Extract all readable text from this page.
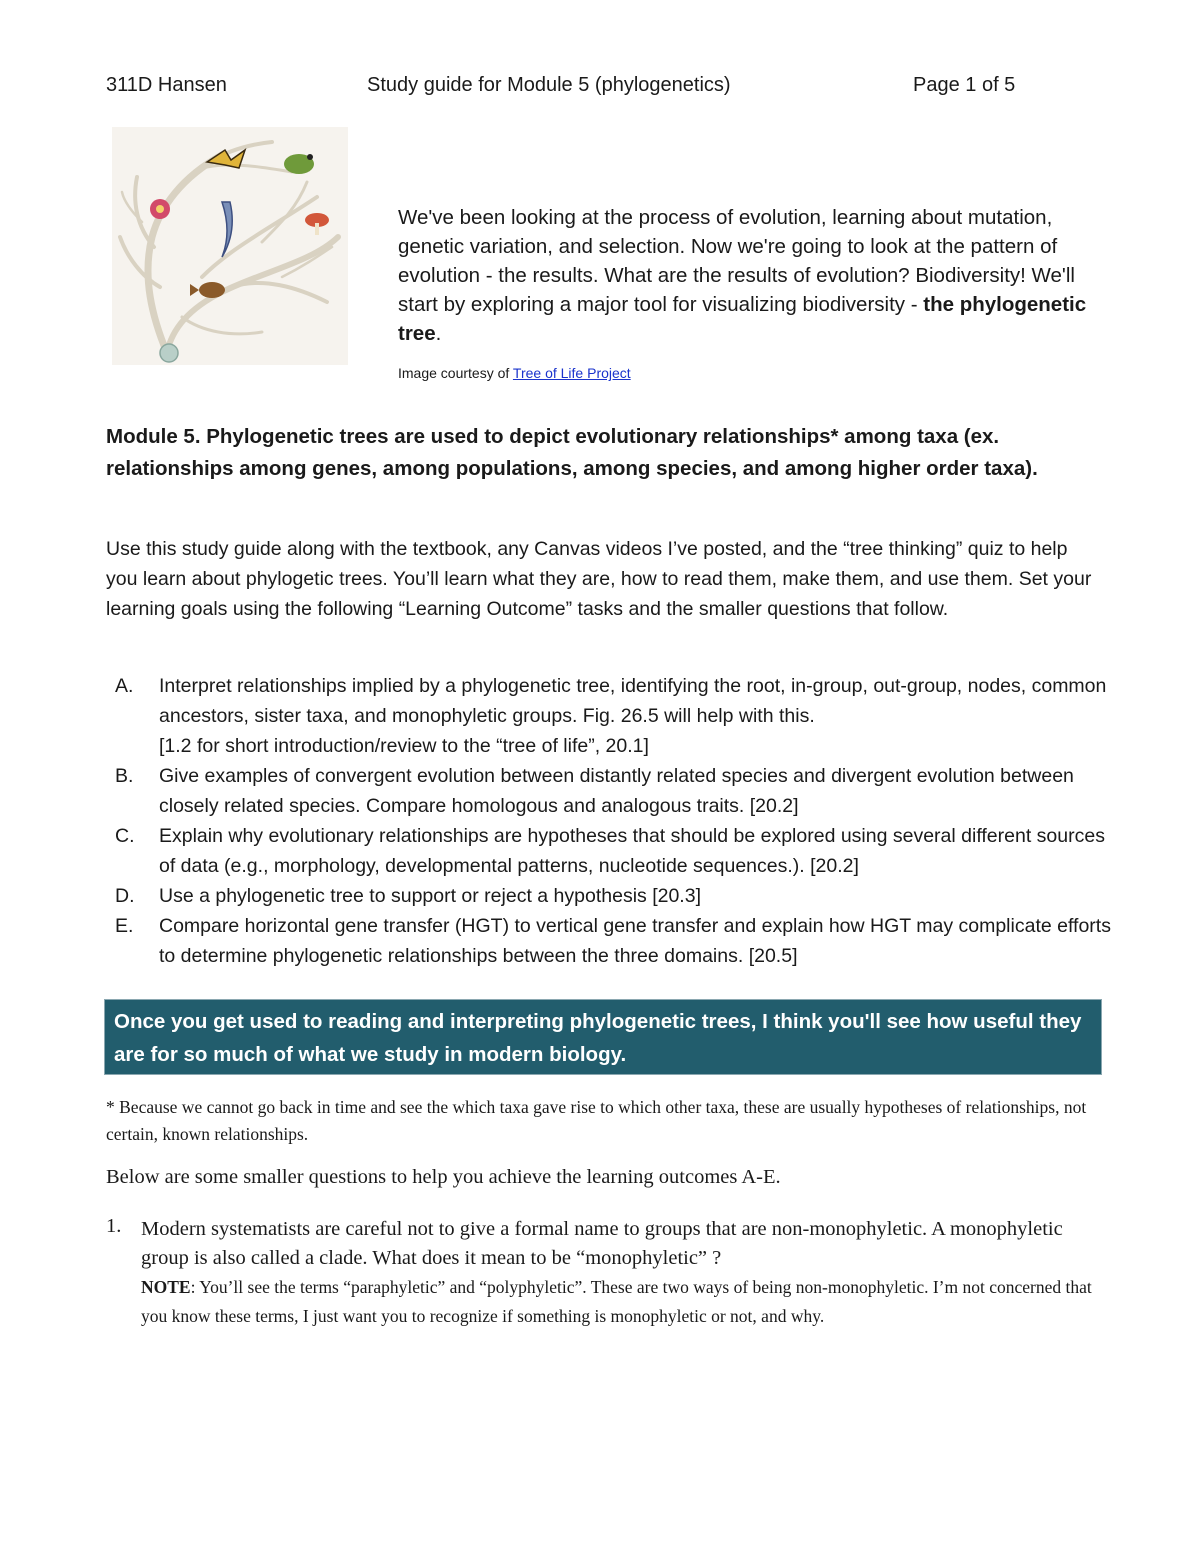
311D Hansen	Study guide for Module 5 (phylogenetics)	Page 1 of 5
We've been looking at the process of evolution, learning about mutation, genetic variation, and selection. Now we're going to look at the pattern of evolution - the results. What are the results of evolution? Biodiversity! We'll start by exploring a major tool for visualizing biodiversity - the phylogenetic tree.
Image courtesy of Tree of Life Project
Module 5. Phylogenetic trees are used to depict evolutionary relationships* among taxa (ex. relationships among genes, among populations, among species, and among higher order taxa).

Use this study guide along with the textbook, any Canvas videos I’ve posted, and the “tree thinking” quiz to help you learn about phylogetic trees. You’ll learn what they are, how to read them, make them, and use them. Set your learning goals using the following “Learning Outcome” tasks and the smaller questions that follow.

A. Interpret relationships implied by a phylogenetic tree, identifying the root, in-group, out-group, nodes, common ancestors, sister taxa, and monophyletic groups. Fig. 26.5 will help with this.
[1.2 for short introduction/review to the “tree of life”, 20.1]
B. Give examples of convergent evolution between distantly related species and divergent evolution between closely related species. Compare homologous and analogous traits. [20.2]
C. Explain why evolutionary relationships are hypotheses that should be explored using several different sources of data (e.g., morphology, developmental patterns, nucleotide sequences.). [20.2]
D. Use a phylogenetic tree to support or reject a hypothesis [20.3]
E. Compare horizontal gene transfer (HGT) to vertical gene transfer and explain how HGT may complicate efforts to determine phylogenetic relationships between the three domains. [20.5]
Once you get used to reading and interpreting phylogenetic trees, I think you'll see how useful they are for so much of what we study in modern biology.

* Because we cannot go back in time and see the which taxa gave rise to which other taxa, these are usually hypotheses of relationships, not certain, known relationships.

Below are some smaller questions to help you achieve the learning outcomes A-E.

1. Modern systematists are careful not to give a formal name to groups that are non-monophyletic. A monophyletic group is also called a clade. What does it mean to be “monophyletic” ?
NOTE: You’ll see the terms “paraphyletic” and “polyphyletic”. These are two ways of being non-monophyletic. I’m not concerned that you know these terms, I just want you to recognize if something is monophyletic or not, and why.
